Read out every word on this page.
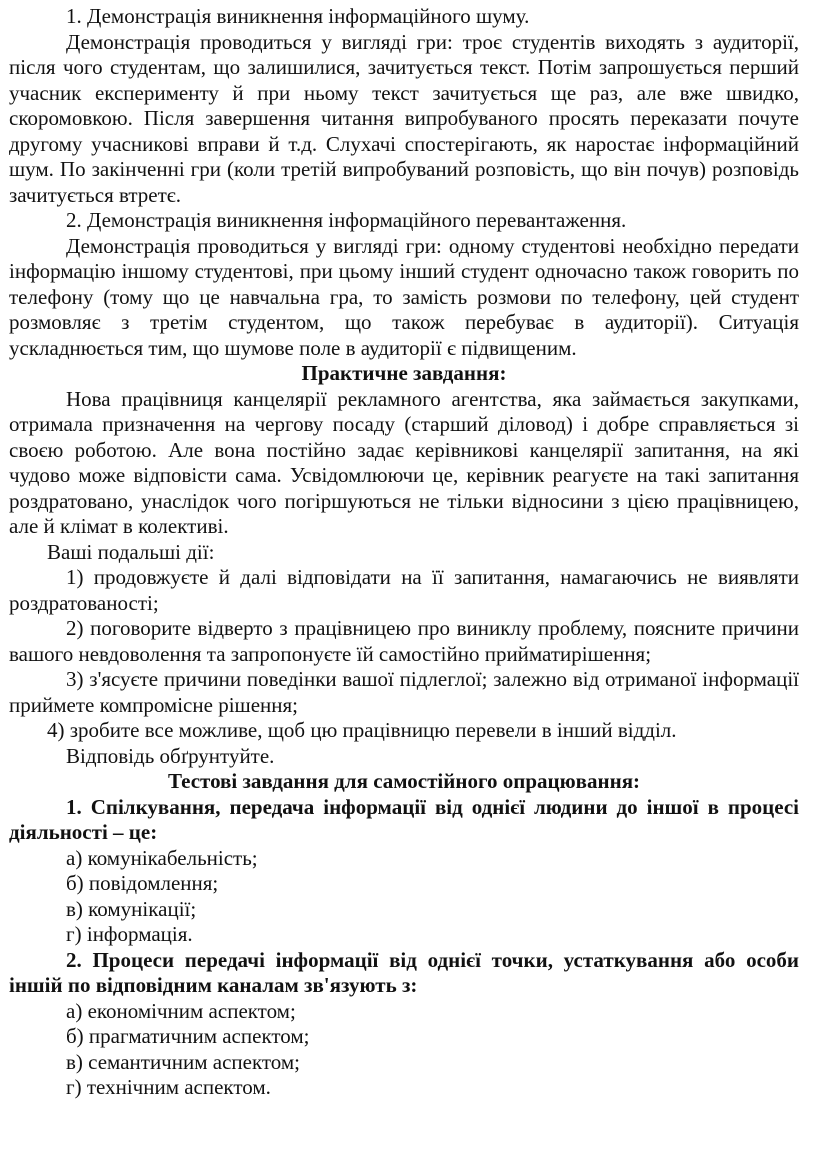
1. Демонстрація виникнення інформаційного шуму.

Демонстрація проводиться у вигляді гри: троє студентів виходять з аудиторії, після чого студентам, що залишилися, зачитується текст. Потім запрошується перший учасник експерименту й при ньому текст зачитується ще раз, але вже швидко, скоромовкою. Після завершення читання випробуваного просять переказати почуте другому учасникові вправи й т.д. Слухачі спостерігають, як наростає інформаційний шум. По закінченні гри (коли третій випробуваний розповість, що він почув) розповідь зачитується втретє.

2. Демонстрація виникнення інформаційного перевантаження.

Демонстрація проводиться у вигляді гри: одному студентові необхідно передати інформацію іншому студентові, при цьому інший студент одночасно також говорить по телефону (тому що це навчальна гра, то замість розмови по телефону, цей студент розмовляє з третім студентом, що також перебуває в аудиторії). Ситуація ускладнюється тим, що шумове поле в аудиторії є підвищеним.

Практичне завдання:

Нова працівниця канцелярії рекламного агентства, яка займається закупками, отримала призначення на чергову посаду (старший діловод) і добре справляється зі своєю роботою. Але вона постійно задає керівникові канцелярії запитання, на які чудово може відповісти сама. Усвідомлюючи це, керівник реагуєте на такі запитання роздратовано, унаслідок чого погіршуються не тільки відносини з цією працівницею, але й клімат в колективі.

Ваші подальші дії:

1) продовжуєте й далі відповідати на її запитання, намагаючись не виявляти роздратованості;

2) поговорите відверто з працівницею про виниклу проблему, поясните причини вашого невдоволення та запропонуєте їй самостійно прийматирішення;

3) з'ясуєте причини поведінки вашої підлеглої; залежно від отриманої інформації приймете компромісне рішення;

4) зробите все можливе, щоб цю працівницю перевели в інший відділ.

Відповідь обґрунтуйте.

Тестові завдання для самостійного опрацювання:

1. Спілкування, передача інформації від однієї людини до іншої в процесі діяльності – це:

а) комунікабельність;

б) повідомлення;

в) комунікації;

г) інформація.

2. Процеси передачі інформації від однієї точки, устаткування або особи іншій по відповідним каналам зв'язують з:

а) економічним аспектом;

б) прагматичним аспектом;

в) семантичним аспектом;

г) технічним аспектом.
